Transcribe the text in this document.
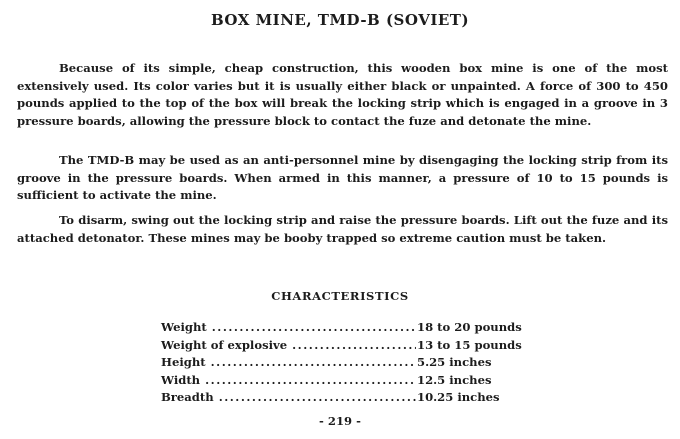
BOX MINE, TMD-B (SOVIET)

Because of its simple, cheap construction, this wooden box mine is one of the most extensively used. Its color varies but it is usually either black or unpainted. A force of 300 to 450 pounds applied to the top of the box will break the locking strip which is engaged in a groove in 3 pressure boards, allowing the pressure block to contact the fuze and detonate the mine.

The TMD-B may be used as an anti-personnel mine by disengaging the locking strip from its groove in the pressure boards. When armed in this manner, a pressure of 10 to 15 pounds is sufficient to activate the mine.

To disarm, swing out the locking strip and raise the pressure boards. Lift out the fuze and its attached detonator. These mines may be booby trapped so extreme caution must be taken.

CHARACTERISTICS
Weight .....	18 to 20 pounds
Weight of explosive .....	13 to 15 pounds
Height .....	5.25 inches
Width .....	12.5 inches
Breadth .....	10.25 inches

- 219 -
